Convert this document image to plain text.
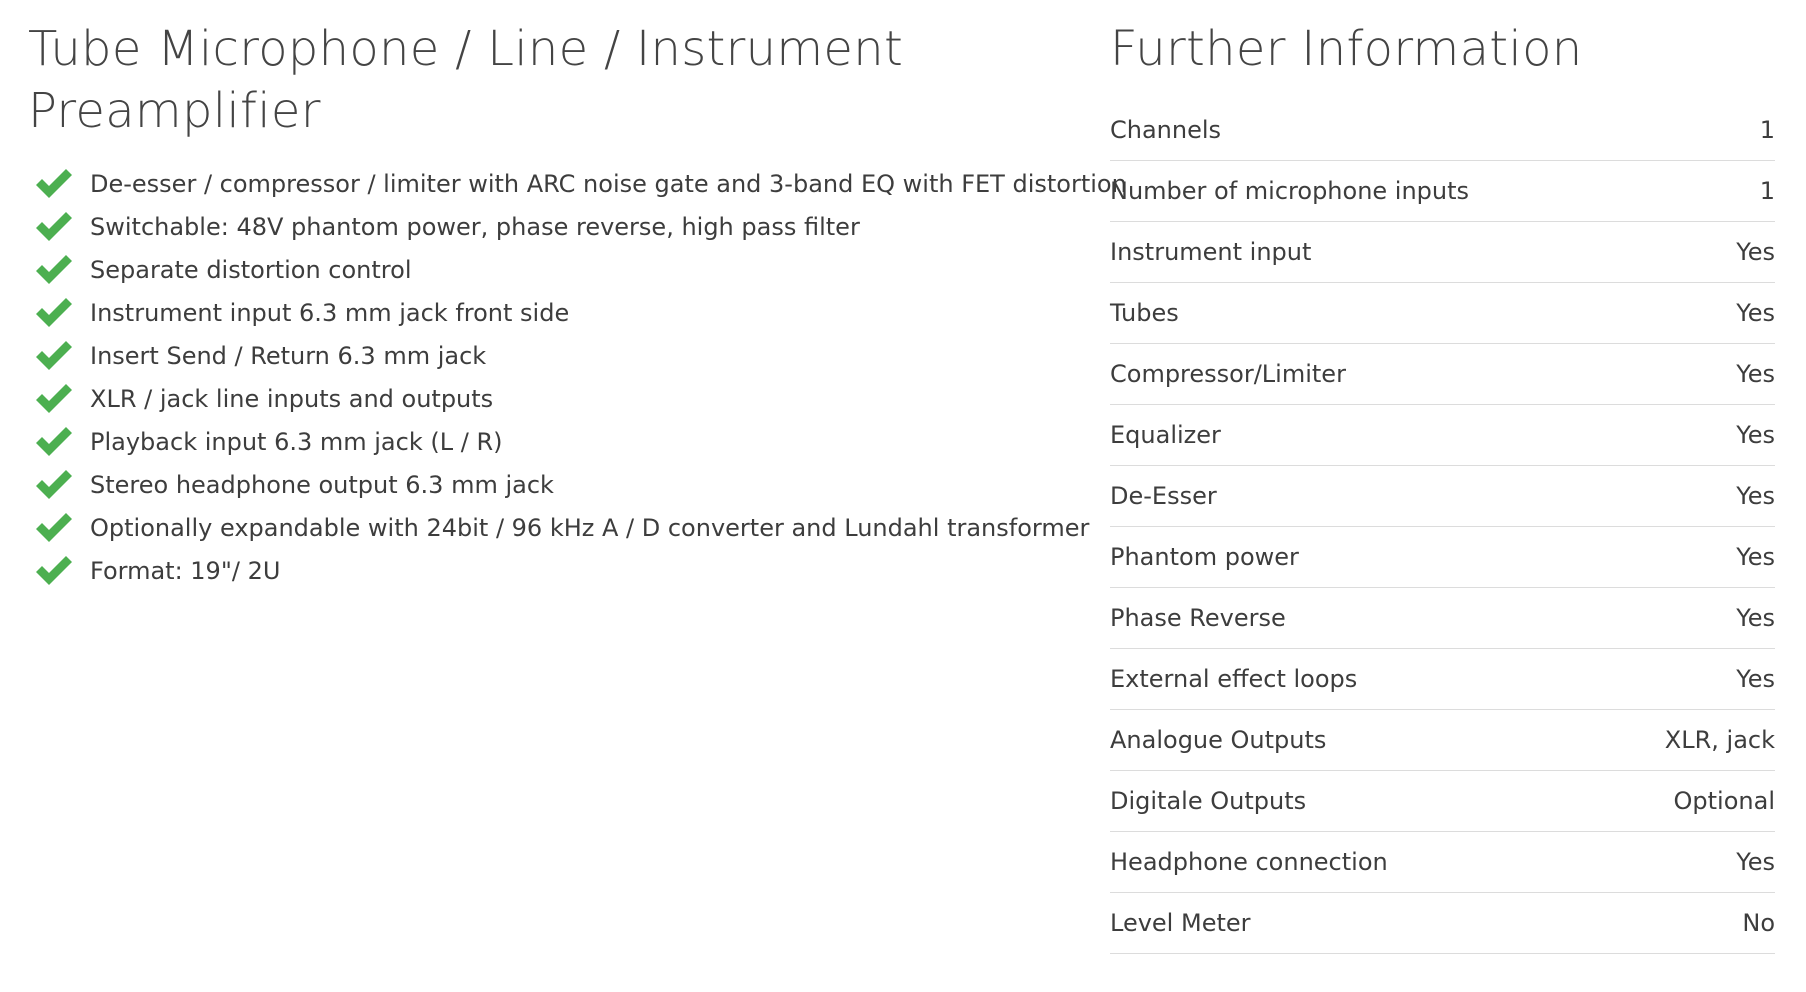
Tube Microphone / Line / Instrument
Preamplifier
De-esser / compressor / limiter with ARC noise gate and 3-band EQ with FET distortion
Switchable: 48V phantom power, phase reverse, high pass filter
Separate distortion control
Instrument input 6.3 mm jack front side
Insert Send / Return 6.3 mm jack
XLR / jack line inputs and outputs
Playback input 6.3 mm jack (L / R)
Stereo headphone output 6.3 mm jack
Optionally expandable with 24bit / 96 kHz A / D converter and Lundahl transformer
Format: 19"/ 2U
Further Information
Channels	1
Number of microphone inputs	1
Instrument input	Yes
Tubes	Yes
Compressor/Limiter	Yes
Equalizer	Yes
De-Esser	Yes
Phantom power	Yes
Phase Reverse	Yes
External effect loops	Yes
Analogue Outputs	XLR, jack
Digitale Outputs	Optional
Headphone connection	Yes
Level Meter	No
